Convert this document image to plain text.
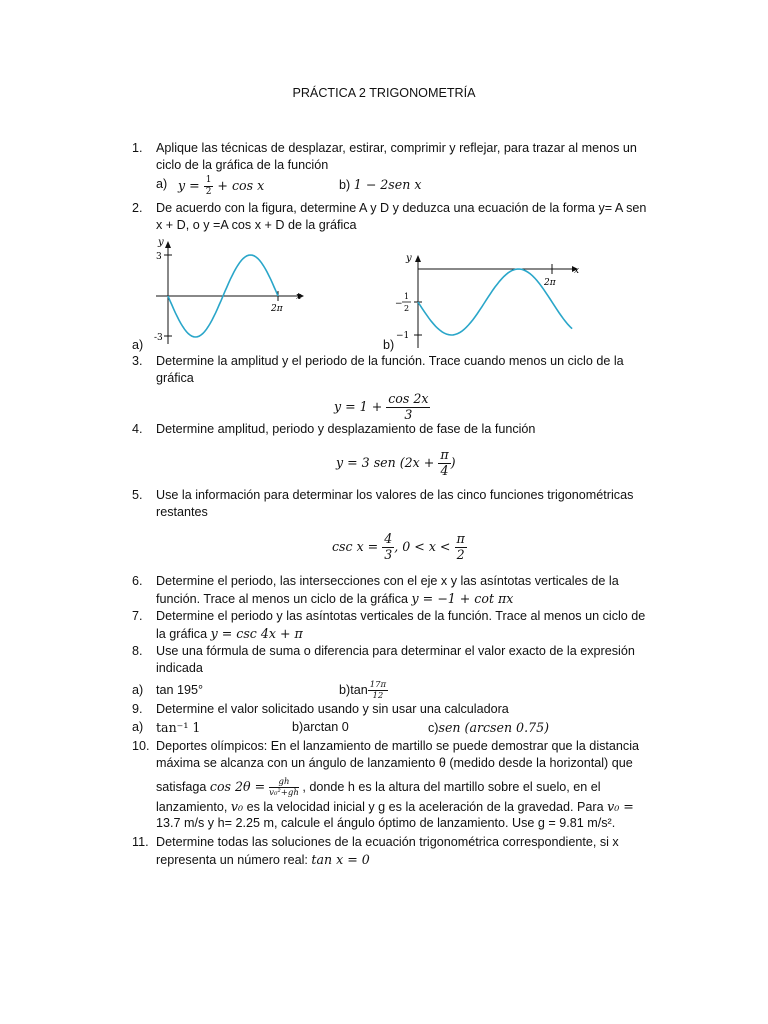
PRÁCTICA 2 TRIGONOMETRÍA
1. Aplique las técnicas de desplazar, estirar, comprimir y reflejar, para trazar al menos un
ciclo de la gráfica de la función
a) $y = \frac{1}{2} + \cos x$	b) 1 − 2sen x
2. De acuerdo con la figura, determine A y D y deduzca una ecuación de la forma y= A sen
x + D, o y =A cos x + D de la gráfica
y
x
3
-3
2π
y
x
2π
−
1
2
−1
a)	b)
3. Determine la amplitud y el periodo de la función. Trace cuando menos un ciclo de la
gráfica
$y = 1 + \frac{\cos 2x}{3}$
4. Determine amplitud, periodo y desplazamiento de fase de la función
y = 3 sen ($2x + \frac{\pi}{4}$ )
5. Use la información para determinar los valores de las cinco funciones trigonométricas
restantes
$\csc x = \frac{4}{3}$ , $0 < x < \frac{\pi}{2}$
6. Determine el periodo, las intersecciones con el eje x y las asíntotas verticales de la
función. Trace al menos un ciclo de la gráfica y = −1 + cot πx
7. Determine el periodo y las asíntotas verticales de la función. Trace al menos un ciclo de
la gráfica y = csc 4x + π
8. Use una fórmula de suma o diferencia para determinar el valor exacto de la expresión
indicada
a) tan 195°	$b)\tan \frac{17\pi}{12}$
9. Determine el valor solicitado usando y sin usar una calculadora
a) tan⁻¹ 1	b)arctan 0	c)sen (arcsen 0.75)
10. Deportes olímpicos: En el lanzamiento de martillo se puede demostrar que la distancia
máxima se alcanza con un ángulo de lanzamiento θ (medido desde la horizontal) que
satisfaga $\cos 2\theta = \frac{gh}{\text{v₀²+gh}}$ , donde h es la altura del martillo sobre el suelo, en el
lanzamiento, v₀ es la velocidad inicial y g es la aceleración de la gravedad. Para v₀ =
13.7 m/s y h= 2.25 m, calcule el ángulo óptimo de lanzamiento. Use g = 9.81 m/s².
11. Determine todas las soluciones de la ecuación trigonométrica correspondiente, si x
representa un número real: tan x = 0
